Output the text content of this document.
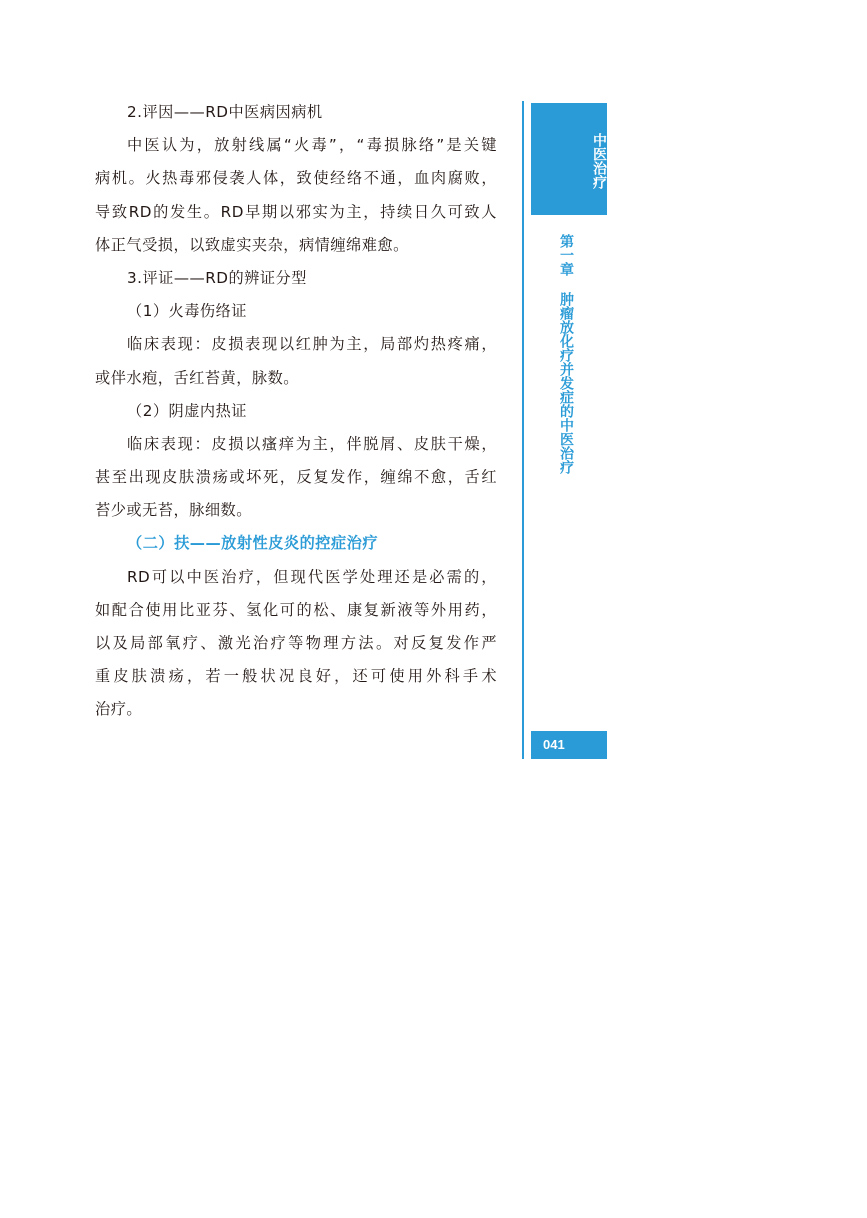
2.评因——RD中医病因病机
中医认为，放射线属“火毒”，“毒损脉络”是关键
病机。火热毒邪侵袭人体，致使经络不通，血肉腐败，
导致RD的发生。RD早期以邪实为主，持续日久可致人
体正气受损，以致虚实夹杂，病情缠绵难愈。
3.评证——RD的辨证分型
（1）火毒伤络证
临床表现：皮损表现以红肿为主，局部灼热疼痛，
或伴水疱，舌红苔黄，脉数。
（2）阴虚内热证
临床表现：皮损以瘙痒为主，伴脱屑、皮肤干燥，
甚至出现皮肤溃疡或坏死，反复发作，缠绵不愈，舌红
苔少或无苔，脉细数。
（二）扶——放射性皮炎的控症治疗
RD可以中医治疗，但现代医学处理还是必需的，
如配合使用比亚芬、氢化可的松、康复新液等外用药，
以及局部氧疗、激光治疗等物理方法。对反复发作严
重皮肤溃疡，若一般状况良好，还可使用外科手术
治疗。
中医治疗
第一章 肿瘤放化疗并发症的中医治疗
041
